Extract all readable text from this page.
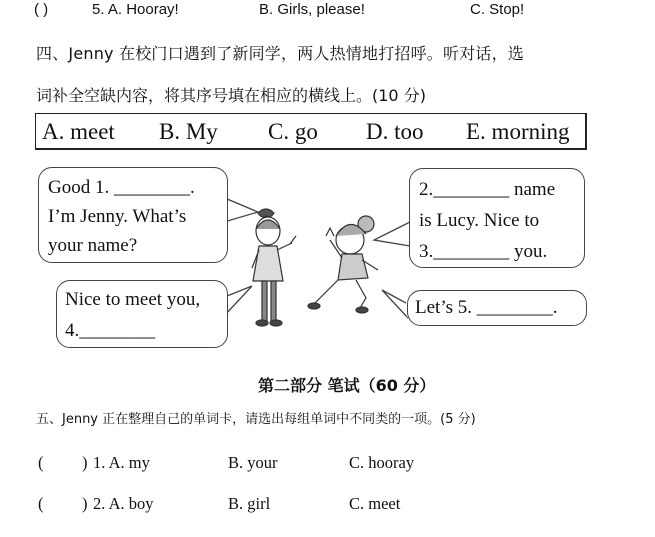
( )	5. A. Hooray!	B. Girls, please!	C. Stop!
四、Jenny 在校门口遇到了新同学，两人热情地打招呼。听对话，选
词补全空缺内容，将其序号填在相应的横线上。(10 分)
A. meet B. My C. go D. too E. morning
Good 1. ________.
I’m Jenny. What’s
your name?
2.________ name
is Lucy. Nice to
3.________ you.
Nice to meet you,
4.________
Let’s 5. ________.
第二部分 笔试（60 分）
五、Jenny 正在整理自己的单词卡，请选出每组单词中不同类的一项。(5 分)
( ) 1. A. my	B. your	C. hooray
( ) 2. A. boy	B. girl	C. meet
